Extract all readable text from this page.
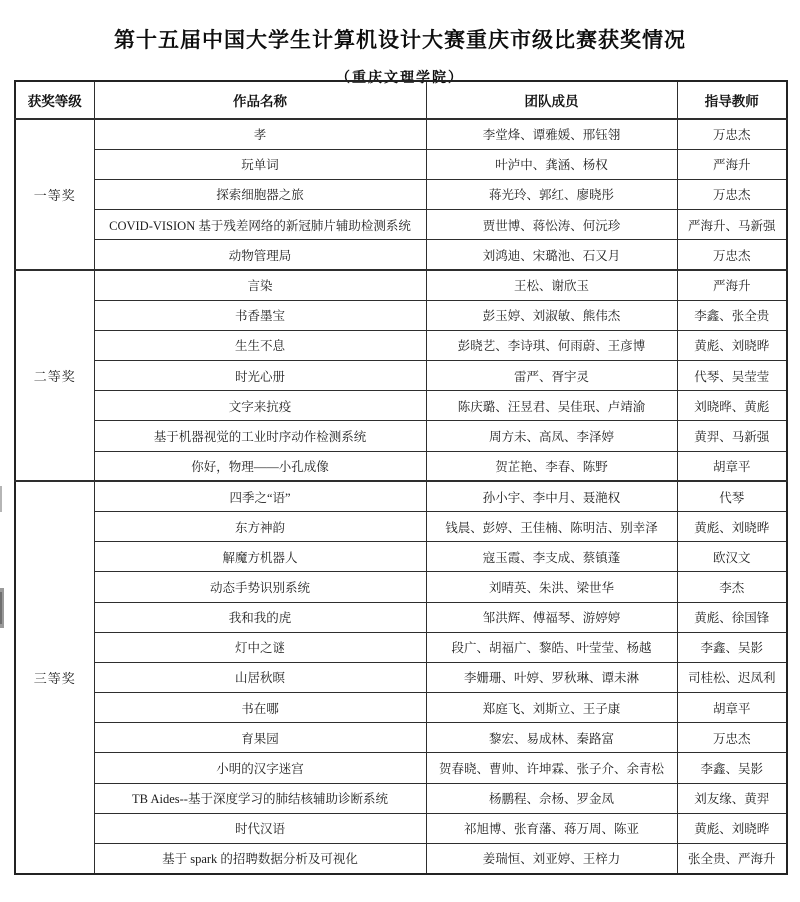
第十五届中国大学生计算机设计大赛重庆市级比赛获奖情况
（重庆文理学院）
获奖等级	作品名称	团队成员	指导教师
一等奖	孝	李堂烽、谭雅媛、邢钰翎	万忠杰
	玩单词	叶泸中、龚涵、杨权	严海升
	探索细胞器之旅	蒋光玲、郭红、廖晓彤	万忠杰
	COVID-VISION 基于残差网络的新冠肺片辅助检测系统	贾世博、蒋忪涛、何沅珍	严海升、马新强
	动物管理局	刘鸿迪、宋璐池、石又月	万忠杰
二等奖	言染	王松、谢欣玉	严海升
	书香墨宝	彭玉婷、刘淑敏、熊伟杰	李鑫、张全贵
	生生不息	彭晓艺、李诗琪、何雨蔚、王彦博	黄彪、刘晓晔
	时光心册	雷严、胥宇灵	代琴、吴莹莹
	文字来抗疫	陈庆璐、汪昱君、吴佳珉、卢靖渝	刘晓晔、黄彪
	基于机器视觉的工业时序动作检测系统	周方未、高凤、李泽婷	黄羿、马新强
	你好，物理——小孔成像	贺芷艳、李春、陈野	胡章平
三等奖	四季之“语”	孙小宇、李中月、聂滟权	代琴
	东方神韵	钱晨、彭婷、王佳楠、陈明洁、别幸泽	黄彪、刘晓晔
	解魔方机器人	寇玉霞、李支成、蔡镇蓬	欧汉文
	动态手势识别系统	刘晴英、朱洪、梁世华	李杰
	我和我的虎	邹洪辉、傅福琴、游婷婷	黄彪、徐国锋
	灯中之谜	段广、胡福广、黎皓、叶莹莹、杨越	李鑫、吴影
	山居秋暝	李姗珊、叶婷、罗秋琳、谭未淋	司桂松、迟凤利
	书在哪	郑庭飞、刘斯立、王子康	胡章平
	育果园	黎宏、易成林、秦路富	万忠杰
	小明的汉字迷宫	贺春晓、曹帅、许坤霖、张子介、余青松	李鑫、吴影
	TB Aides--基于深度学习的肺结核辅助诊断系统	杨鹏程、佘杨、罗金凤	刘友缘、黄羿
	时代汉语	祁旭博、张育藩、蒋万周、陈亚	黄彪、刘晓晔
	基于 spark 的招聘数据分析及可视化	姜瑞恒、刘亚婷、王梓力	张全贵、严海升
